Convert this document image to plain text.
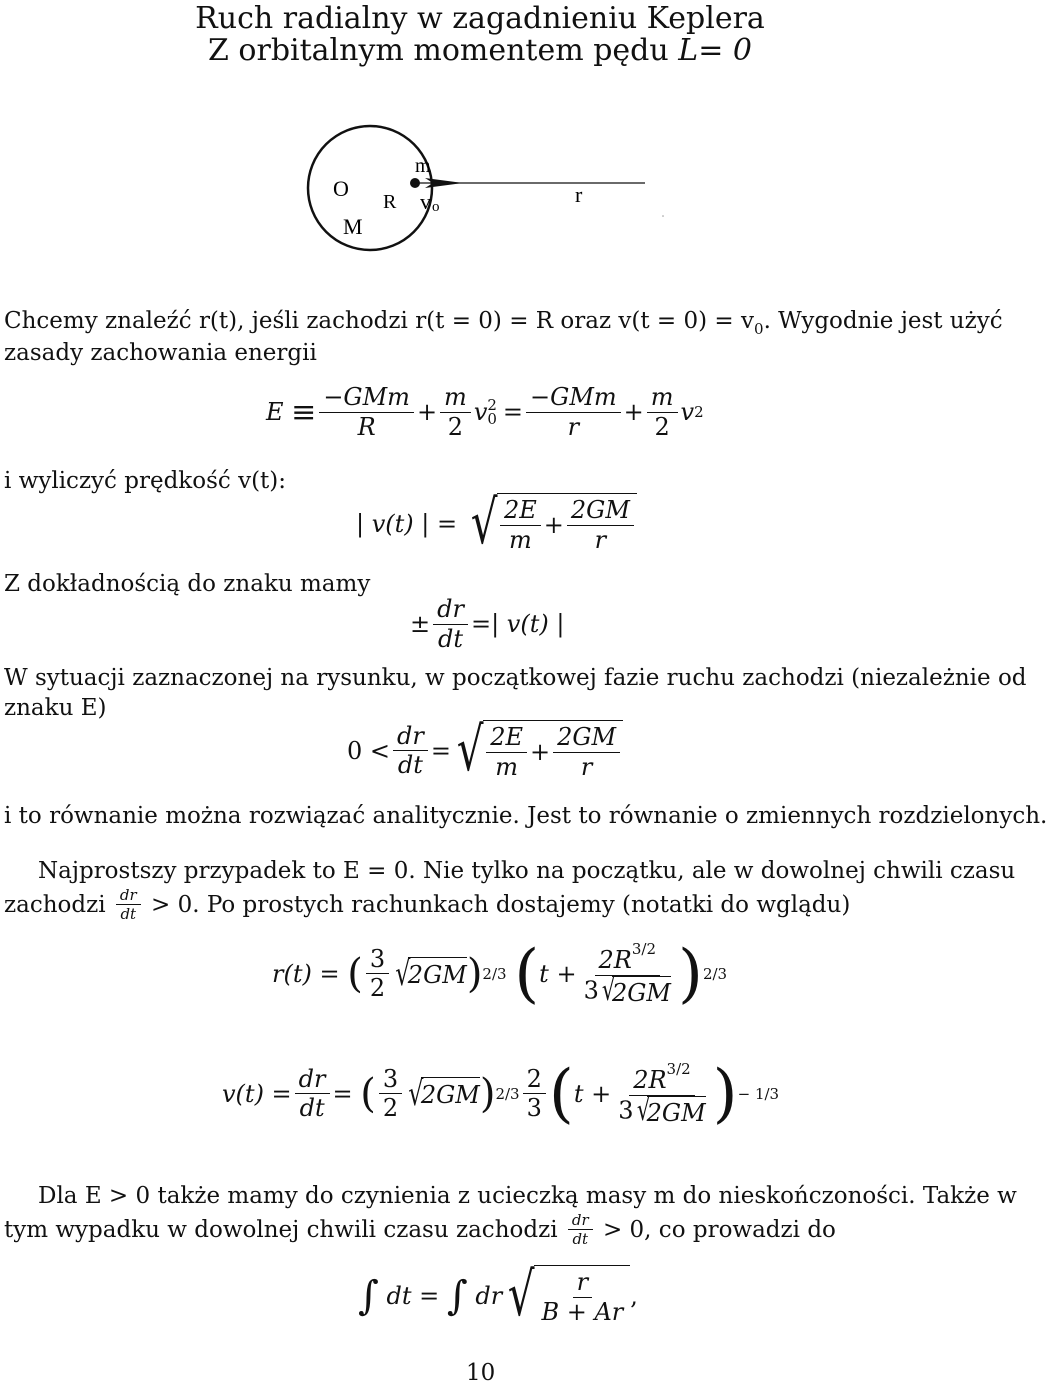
Ruch radialny w zagadnieniu Keplera
Z orbitalnym momentem pędu L= 0
O
M
R
m
v o	r
Chcemy znaleźć r(t), jeśli zachodzi r(t = 0) = R oraz $v(t = 0) = v_0$. Wygodnie jest użyć
zasady zachowania energii
E
≡ $\frac{\text{−GMm}}{R} + \frac{m}{2}$ v 2
$0 = \frac{\text{−GMm}}{r} + \frac{m}{2}$ v 2
i wyliczyć prędkość v(t):
| v(t) | =
√ $\frac{2E}{m} + \frac{2GM}{r}$
Z dokładnością do znaku mamy
± $\frac{dr}{dt}$ =| v(t) |
W sytuacji zaznaczonej na rysunku, w początkowej fazie ruchu zachodzi (niezależnie od
znaku E)
$0 < \frac{dr}{dt}$ = √ $\frac{2E}{m} + \frac{2GM}{r}$
i to równanie można rozwiązać analitycznie. Jest to równanie o zmiennych rozdzielonych.
Najprostszy przypadek to E = 0. Nie tylko na początku, ale w dowolnej chwili czasu
zachodzi
$\frac{dr}{dt}$
> 0. Po prostych rachunkach dostajemy (notatki do wglądu)
r(t) =
( $\frac{3}{2}$ √
2GM ) 2/3
( $t + 2R^{3/2}$
3 √
2GM ) 2/3
$v(t) = \frac{dr}{dt}$ =
( $\frac{3}{2}$ √
2GM ) $2/3 \frac{2}{3}$ ( $t + 2R^{3/2}$
3 √
2GM ) − 1/3
Dla E > 0 także mamy do czynienia z ucieczką masy m do nieskończoności. Także w
tym wypadku w dowolnej chwili czasu zachodzi
$\frac{dr}{dt}$
> 0, co prowadzi do
∫
dt =
∫
dr √ $\frac{r}{B + Ar}$ ,
10
